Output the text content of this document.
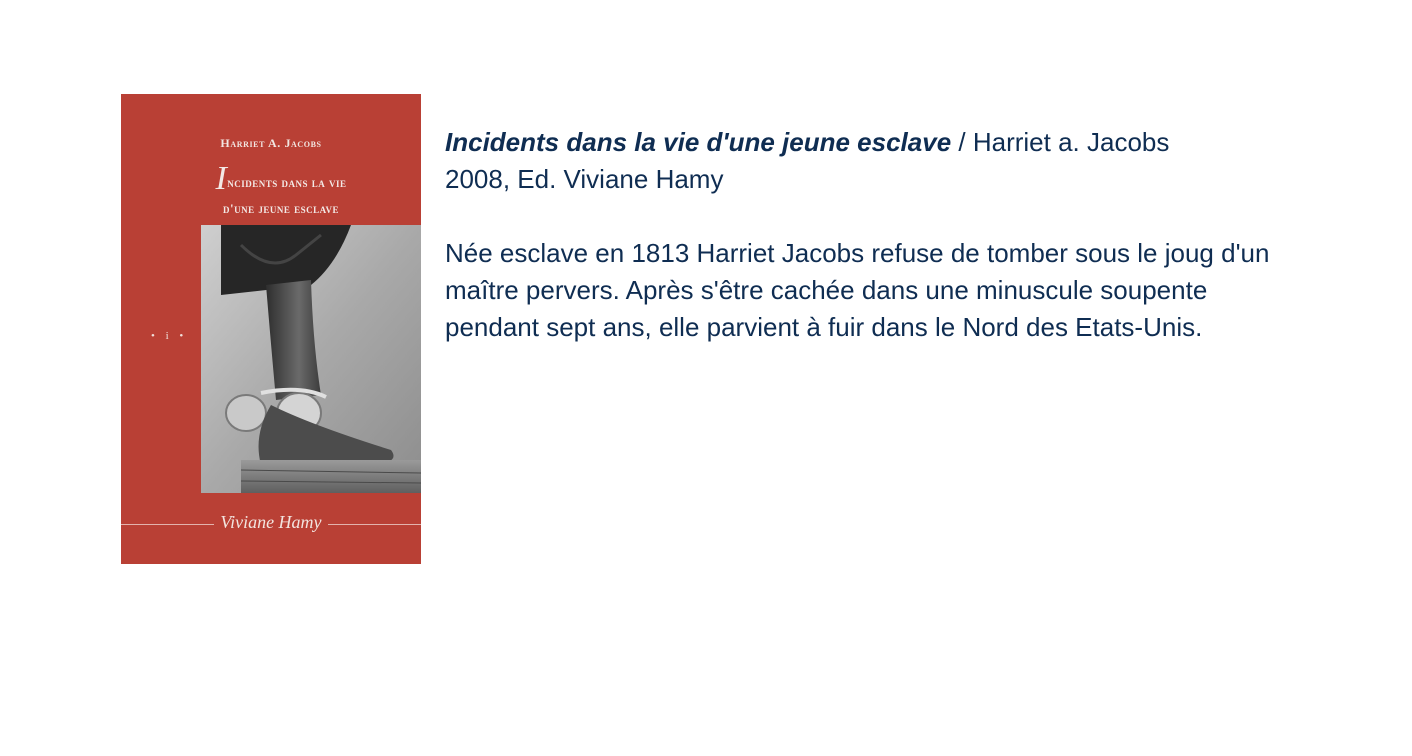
Harriet A. Jacobs
Incidents dans la vie
d'une jeune esclave
• i •
Viviane Hamy

Incidents dans la vie d'une jeune esclave / Harriet a. Jacobs

2008, Ed. Viviane Hamy

Née esclave en 1813 Harriet Jacobs refuse de tomber sous le joug d'un maître pervers. Après s'être cachée dans une minuscule soupente pendant sept ans, elle parvient à fuir dans le Nord des Etats-Unis.
